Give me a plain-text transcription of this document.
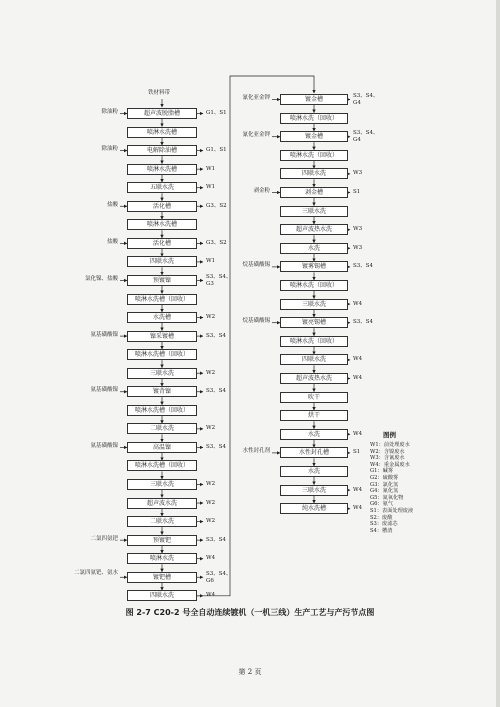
铁材料带
超声波脱脂槽
除油粉	G1、S1
喷淋水洗槽
电解除油槽
除油粉	G1、S1
喷淋水洗槽	W1
五联水洗	W1
活化槽
盐酸	G3、S2
喷淋水洗槽
活化槽
盐酸	G3、S2
四联水洗	W1
预镀镍
氯化镍、盐酸	S3、S4、G3
喷淋水洗槽（回收）
水洗槽	W2
镍采镀槽
氨基磺酸镍	S3、S4
喷淋水洗槽（回收）
三联水洗	W2
镀背镍
氨基磺酸镍	S3、S4
喷淋水洗槽（回收）
二联水洗	W2
高温镍
氨基磺酸镍	S3、S4
喷淋水洗槽（回收）
三联水洗	W2
超声波水洗	W2
二联水洗	W2
预镀钯
二氯四氨钯	S3、S4
喷淋水洗	W4
镀钯槽
二氯四氨钯、氨水	S3、S4、G6
四联水洗	W4
镀金槽
氰化亚金钾	S3、S4、G4
喷淋水洗（回收）
镀金槽
氰化亚金钾	S3、S4、G4
喷淋水洗（回收）
四联水洗	W3
剥金槽
剥金粉	S1
三联水洗
超声波热水洗	W3
水洗	W3
镀雾锡槽
烷基磺酸锡	S3、S4
喷淋水洗（回收）
三联水洗	W4
镀亮锡槽
烷基磺酸锡	S3、S4
喷淋水洗（回收）
四联水洗	W4
超声波热水洗	W4
吹干
烘干
水洗	W4
水性封孔槽
水性封孔剂	S1
水洗
三联水洗	W4
纯水洗槽	W4
图例
W1：前处理废水
W2：含镍废水
W3：含氰废水
W4：重金属废水
G1：碱雾
G2：硫酸雾
G3：氯化氢
G4：氰化氢
G5：氮氧化物
G6：氨气
S1：表面处理废液
S2：废酸
S3：废滤芯
S4：槽渣
图 2-7 C20-2 号全自动连续镀机（一机三线）生产工艺与产污节点图
第 2 页
